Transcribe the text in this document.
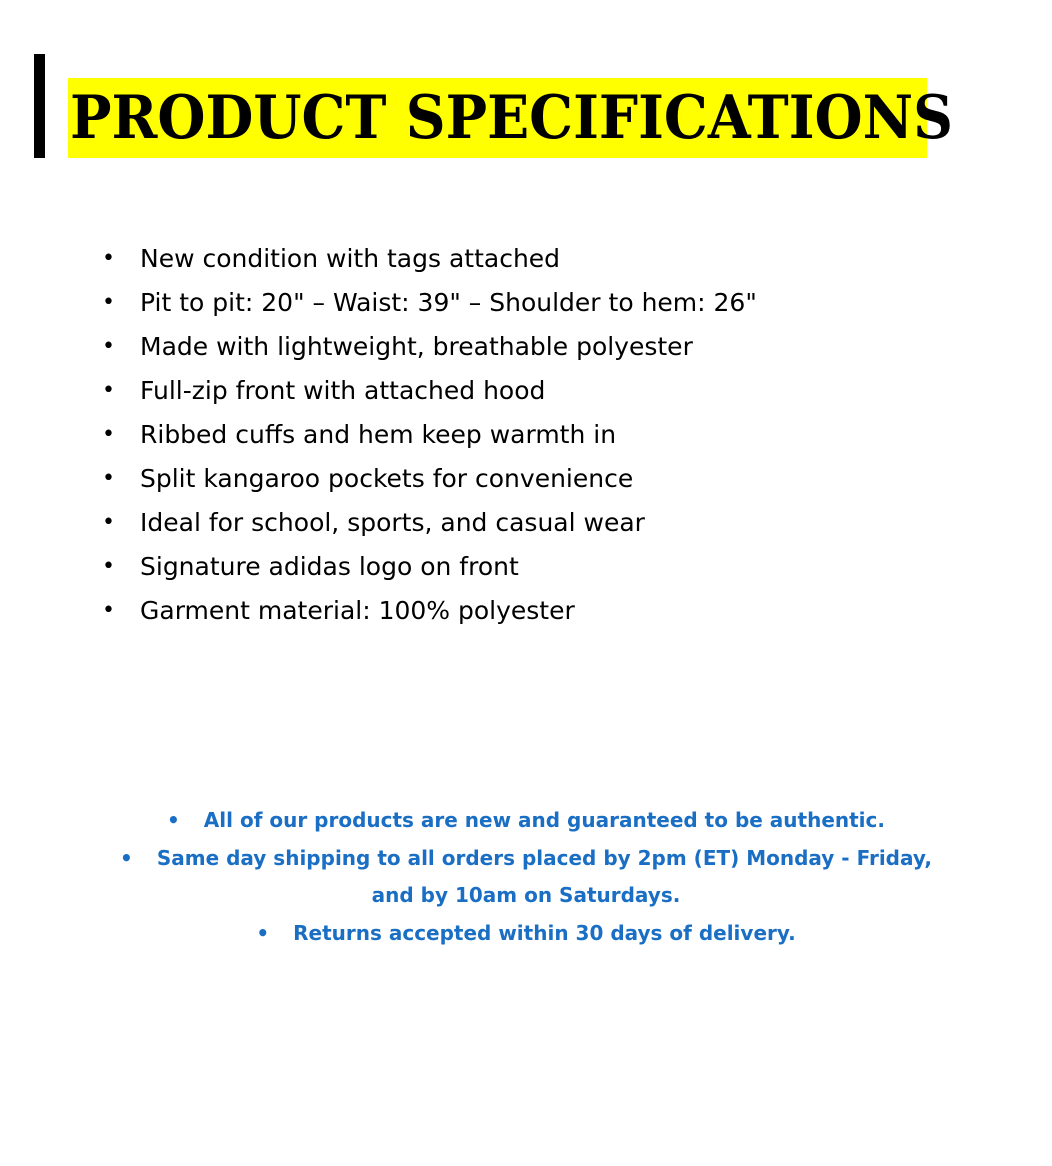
PRODUCT SPECIFICATIONS
• New condition with tags attached
• Pit to pit: 20" – Waist: 39" – Shoulder to hem: 26"
• Made with lightweight, breathable polyester
• Full-zip front with attached hood
• Ribbed cuffs and hem keep warmth in
• Split kangaroo pockets for convenience
• Ideal for school, sports, and casual wear
• Signature adidas logo on front
• Garment material: 100% polyester
• All of our products are new and guaranteed to be authentic.
• Same day shipping to all orders placed by 2pm (ET) Monday - Friday, and by 10am on Saturdays.
• Returns accepted within 30 days of delivery.
